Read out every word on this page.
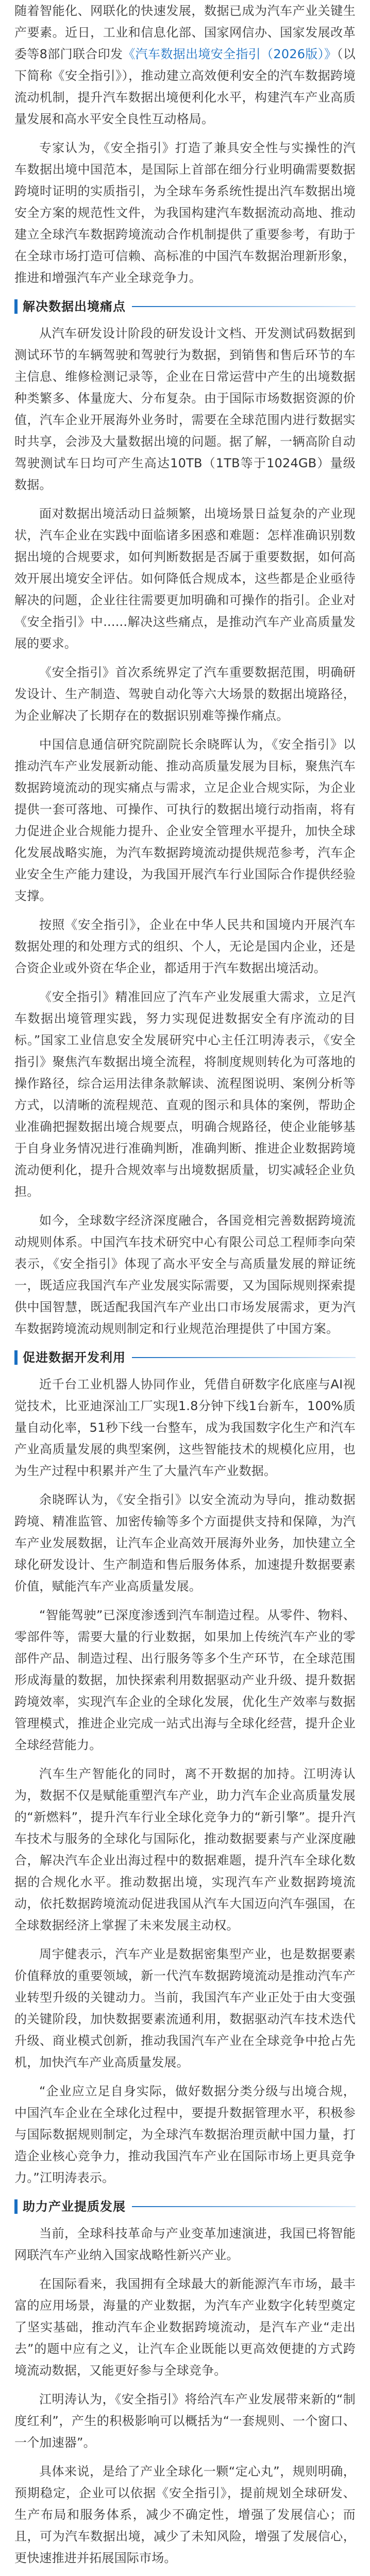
随着智能化、网联化的快速发展，数据已成为汽车产业关键生产要素。近日，工业和信息化部、国家网信办、国家发展改革委等8部门联合印发《汽车数据出境安全指引（2026版）》（以下简称《安全指引》），推动建立高效便利安全的汽车数据跨境流动机制，提升汽车数据出境便利化水平，构建汽车产业高质量发展和高水平安全良性互动格局。

专家认为，《安全指引》打造了兼具安全性与实操性的汽车数据出境中国范本，是国际上首部在细分行业明确需要数据跨境时证明的实质指引，为全球车务系统性提出汽车数据出境安全方案的规范性文件，为我国构建汽车数据流动高地、推动建立全球汽车数据跨境流动合作机制提供了重要参考，有助于在全球市场打造可信赖、高标准的中国汽车数据治理新形象，推进和增强汽车产业全球竞争力。

解决数据出境痛点

从汽车研发设计阶段的研发设计文档、开发测试码数据到测试环节的车辆驾驶和驾驶行为数据，到销售和售后环节的车主信息、维修检测记录等，企业在日常运营中产生的出境数据种类繁多、体量庞大、分布复杂。由于国际市场数据资源的价值，汽车企业开展海外业务时，需要在全球范围内进行数据实时共享，会涉及大量数据出境的问题。据了解，一辆高阶自动驾驶测试车日均可产生高达10TB（1TB等于1024GB）量级数据。

面对数据出境活动日益频繁，出境场景日益复杂的产业现状，汽车企业在实践中面临诸多困惑和难题：怎样准确识别数据出境的合规要求，如何判断数据是否属于重要数据，如何高效开展出境安全评估。如何降低合规成本，这些都是企业亟待解决的问题，企业往往需要更加明确和可操作的指引。企业对《安全指引》中......解决这些痛点，是推动汽车产业高质量发展的要求。

《安全指引》首次系统界定了汽车重要数据范围，明确研发设计、生产制造、驾驶自动化等六大场景的数据出境路径，为企业解决了长期存在的数据识别难等操作痛点。

中国信息通信研究院副院长余晓晖认为，《安全指引》以推动汽车产业发展新动能、推动高质量发展为目标，聚焦汽车数据跨境流动的现实痛点与需求，立足企业合规实际，为企业提供一套可落地、可操作、可执行的数据出境行动指南，将有力促进企业合规能力提升、企业安全管理水平提升，加快全球化发展战略实施，为汽车数据跨境流动提供规范参考，汽车企业安全生产能力建设，为我国开展汽车行业国际合作提供经验支撑。

按照《安全指引》，企业在中华人民共和国境内开展汽车数据处理的和处理方式的组织、个人，无论是国内企业，还是合资企业或外资在华企业，都适用于汽车数据出境活动。

《安全指引》精准回应了汽车产业发展重大需求，立足汽车数据出境管理实践，努力实现促进数据安全有序流动的目标。”国家工业信息安全发展研究中心主任江明涛表示，《安全指引》聚焦汽车数据出境全流程，将制度规则转化为可落地的操作路径，综合运用法律条款解读、流程图说明、案例分析等方式，以清晰的流程规范、直观的图示和具体的案例，帮助企业准确把握数据出境合规要点，明确合规路径，使企业能够基于自身业务情况进行准确判断，准确判断、推进企业数据跨境流动便利化，提升合规效率与出境数据质量，切实减轻企业负担。

如今，全球数字经济深度融合，各国竞相完善数据跨境流动规则体系。中国汽车技术研究中心有限公司总工程师李向荣表示，《安全指引》体现了高水平安全与高质量发展的辩证统一，既适应我国汽车产业发展实际需要，又为国际规则探索提供中国智慧，既适配我国汽车产业出口市场发展需求，更为汽车数据跨境流动规则制定和行业规范治理提供了中国方案。

促进数据开发利用

近千台工业机器人协同作业，凭借自研数字化底座与AI视觉技术，比亚迪深汕工厂实现1.8分钟下线1台新车，100%质量自动化率，51秒下线一台整车，成为我国数字化生产和汽车产业高质量发展的典型案例，这些智能技术的规模化应用，也为生产过程中积累并产生了大量汽车产业数据。

余晓晖认为，《安全指引》以安全流动为导向，推动数据跨境、精准监管、加密传输等多个方面提供支持和保障，为汽车产业发展数据，让汽车企业高效开展海外业务，加快建立全球化研发设计、生产制造和售后服务体系，加速提升数据要素价值，赋能汽车产业高质量发展。

“智能驾驶”已深度渗透到汽车制造过程。从零件、物料、零部件等，需要大量的行业数据，如果加上传统汽车产业的零部件产品、制造过程、出行服务等多个生产环节，在全球范围形成海量的数据，加快探索利用数据驱动产业升级、提升数据跨境效率，实现汽车企业的全球化发展，优化生产效率与数据管理模式，推进企业完成一站式出海与全球化经营，提升企业全球经营能力。

汽车生产智能化的同时，离不开数据的加持。江明涛认为，数据不仅是赋能重塑汽车产业，助力汽车企业高质量发展的“新燃料”，提升汽车行业全球化竞争力的“新引擎”。提升汽车技术与服务的全球化与国际化，推动数据要素与产业深度融合，解决汽车企业出海过程中的数据难题，提升汽车全球化数据的合规化水平。推动数据出境，实现汽车产业数据跨境流动，依托数据跨境流动促进我国从汽车大国迈向汽车强国，在全球数据经济上掌握了未来发展主动权。

周宇健表示，汽车产业是数据密集型产业，也是数据要素价值释放的重要领域，新一代汽车数据跨境流动是推动汽车产业转型升级的关键动力。当前，我国汽车产业正处于由大变强的关键阶段，加快数据要素流通利用，数据驱动汽车技术迭代升级、商业模式创新，推动我国汽车产业在全球竞争中抢占先机，加快汽车产业高质量发展。

“企业应立足自身实际，做好数据分类分级与出境合规，中国汽车企业在全球化过程中，要提升数据管理水平，积极参与国际数据规则制定，为全球汽车数据治理贡献中国力量，打造企业核心竞争力，推动我国汽车产业在国际市场上更具竞争力。”江明涛表示。

助力产业提质发展

当前，全球科技革命与产业变革加速演进，我国已将智能网联汽车产业纳入国家战略性新兴产业。

在国际看来，我国拥有全球最大的新能源汽车市场，最丰富的应用场景，海量的产业数据，为汽车产业数字化转型奠定了坚实基础，推动汽车企业数据跨境流动，是汽车产业“走出去”的题中应有之义，让汽车企业既能以更高效便捷的方式跨境流动数据，又能更好参与全球竞争。

江明涛认为，《安全指引》将给汽车产业发展带来新的“制度红利”，产生的积极影响可以概括为“一套规则、一个窗口、一个加速器”。

具体来说，是给了产业全球化一颗“定心丸”，规则明确，预期稳定，企业可以依据《安全指引》，提前规划全球研发、生产布局和服务体系，减少不确定性，增强了发展信心；而且，可为汽车数据出境，减少了未知风险，增强了发展信心，更快速推进并拓展国际市场。
